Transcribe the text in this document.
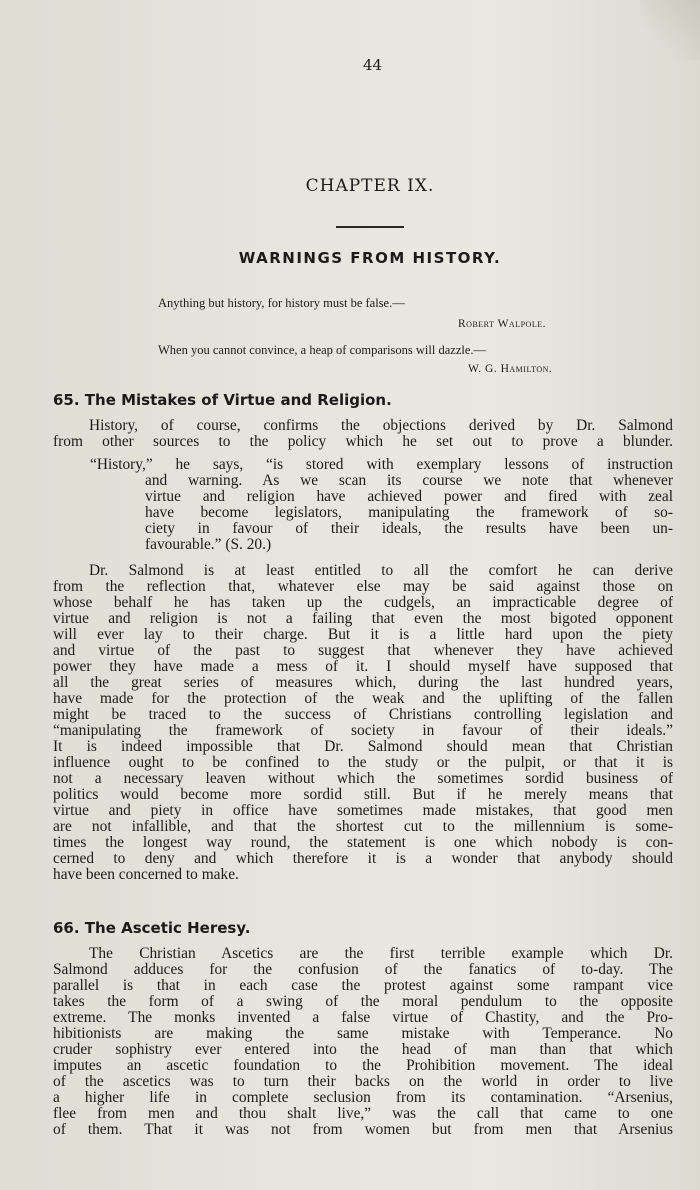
44
CHAPTER IX.
WARNINGS FROM HISTORY.
Anything but history, for history must be false.—
Robert Walpole.
When you cannot convince, a heap of comparisons will dazzle.—
W. G. Hamilton.
65. The Mistakes of Virtue and Religion.
History, of course, confirms the objections derived by Dr. Salmond
from other sources to the policy which he set out to prove a blunder.
“History,” he says, “is stored with exemplary lessons of instruction
and warning. As we scan its course we note that whenever
virtue and religion have achieved power and fired with zeal
have become legislators, manipulating the framework of so-
ciety in favour of their ideals, the results have been un-
favourable.” (S. 20.)
Dr. Salmond is at least entitled to all the comfort he can derive
from the reflection that, whatever else may be said against those on
whose behalf he has taken up the cudgels, an impracticable degree of
virtue and religion is not a failing that even the most bigoted opponent
will ever lay to their charge. But it is a little hard upon the piety
and virtue of the past to suggest that whenever they have achieved
power they have made a mess of it. I should myself have supposed that
all the great series of measures which, during the last hundred years,
have made for the protection of the weak and the uplifting of the fallen
might be traced to the success of Christians controlling legislation and
“manipulating the framework of society in favour of their ideals.”
It is indeed impossible that Dr. Salmond should mean that Christian
influence ought to be confined to the study or the pulpit, or that it is
not a necessary leaven without which the sometimes sordid business of
politics would become more sordid still. But if he merely means that
virtue and piety in office have sometimes made mistakes, that good men
are not infallible, and that the shortest cut to the millennium is some-
times the longest way round, the statement is one which nobody is con-
cerned to deny and which therefore it is a wonder that anybody should
have been concerned to make.
66. The Ascetic Heresy.
The Christian Ascetics are the first terrible example which Dr.
Salmond adduces for the confusion of the fanatics of to-day. The
parallel is that in each case the protest against some rampant vice
takes the form of a swing of the moral pendulum to the opposite
extreme. The monks invented a false virtue of Chastity, and the Pro-
hibitionists are making the same mistake with Temperance. No
cruder sophistry ever entered into the head of man than that which
imputes an ascetic foundation to the Prohibition movement. The ideal
of the ascetics was to turn their backs on the world in order to live
a higher life in complete seclusion from its contamination. “Arsenius,
flee from men and thou shalt live,” was the call that came to one
of them. That it was not from women but from men that Arsenius
